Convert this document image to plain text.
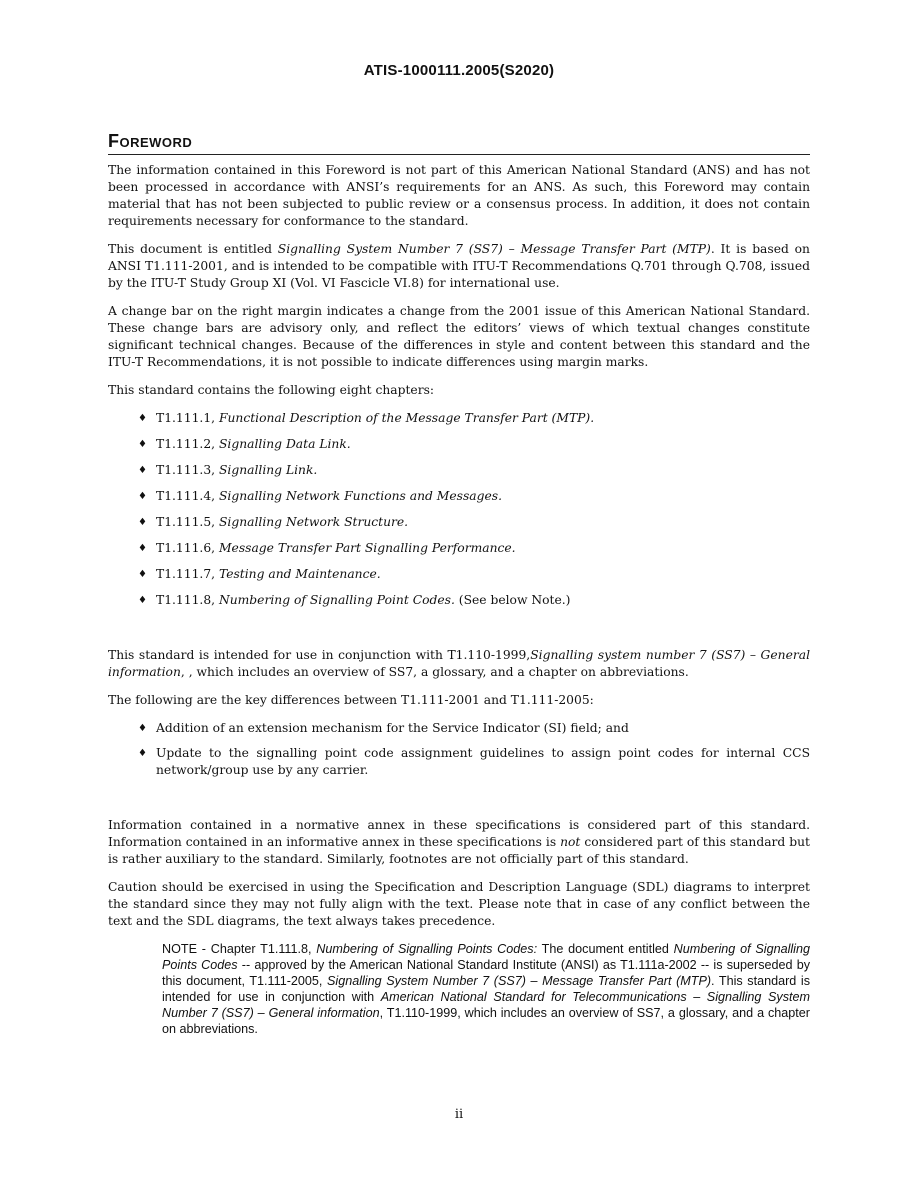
ATIS-1000111.2005(S2020)
Foreword

The information contained in this Foreword is not part of this American National Standard (ANS) and has not been processed in accordance with ANSI’s requirements for an ANS. As such, this Foreword may contain material that has not been subjected to public review or a consensus process. In addition, it does not contain requirements necessary for conformance to the standard.

This document is entitled Signalling System Number 7 (SS7) – Message Transfer Part (MTP). It is based on ANSI T1.111-2001, and is intended to be compatible with ITU-T Recommendations Q.701 through Q.708, issued by the ITU-T Study Group XI (Vol. VI Fascicle VI.8) for international use.

A change bar on the right margin indicates a change from the 2001 issue of this American National Standard. These change bars are advisory only, and reflect the editors’ views of which textual changes constitute significant technical changes. Because of the differences in style and content between this standard and the ITU-T Recommendations, it is not possible to indicate differences using margin marks.

This standard contains the following eight chapters:

♦ T1.111.1, Functional Description of the Message Transfer Part (MTP).
♦ T1.111.2, Signalling Data Link.
♦ T1.111.3, Signalling Link.
♦ T1.111.4, Signalling Network Functions and Messages.
♦ T1.111.5, Signalling Network Structure.
♦ T1.111.6, Message Transfer Part Signalling Performance.
♦ T1.111.7, Testing and Maintenance.
♦ T1.111.8, Numbering of Signalling Point Codes. (See below Note.)

This standard is intended for use in conjunction with T1.110-1999,Signalling system number 7 (SS7) – General information, , which includes an overview of SS7, a glossary, and a chapter on abbreviations.

The following are the key differences between T1.111-2001 and T1.111-2005:

♦ Addition of an extension mechanism for the Service Indicator (SI) field; and
♦ Update to the signalling point code assignment guidelines to assign point codes for internal CCS network/group use by any carrier.

Information contained in a normative annex in these specifications is considered part of this standard. Information contained in an informative annex in these specifications is not considered part of this standard but is rather auxiliary to the standard. Similarly, footnotes are not officially part of this standard.

Caution should be exercised in using the Specification and Description Language (SDL) diagrams to interpret the standard since they may not fully align with the text. Please note that in case of any conflict between the text and the SDL diagrams, the text always takes precedence.

NOTE - Chapter T1.111.8, Numbering of Signalling Points Codes: The document entitled Numbering of Signalling Points Codes -- approved by the American National Standard Institute (ANSI) as T1.111a-2002 -- is superseded by this document, T1.111-2005, Signalling System Number 7 (SS7) – Message Transfer Part (MTP). This standard is intended for use in conjunction with American National Standard for Telecommunications – Signalling System Number 7 (SS7) – General information, T1.110-1999, which includes an overview of SS7, a glossary, and a chapter on abbreviations.
ii
